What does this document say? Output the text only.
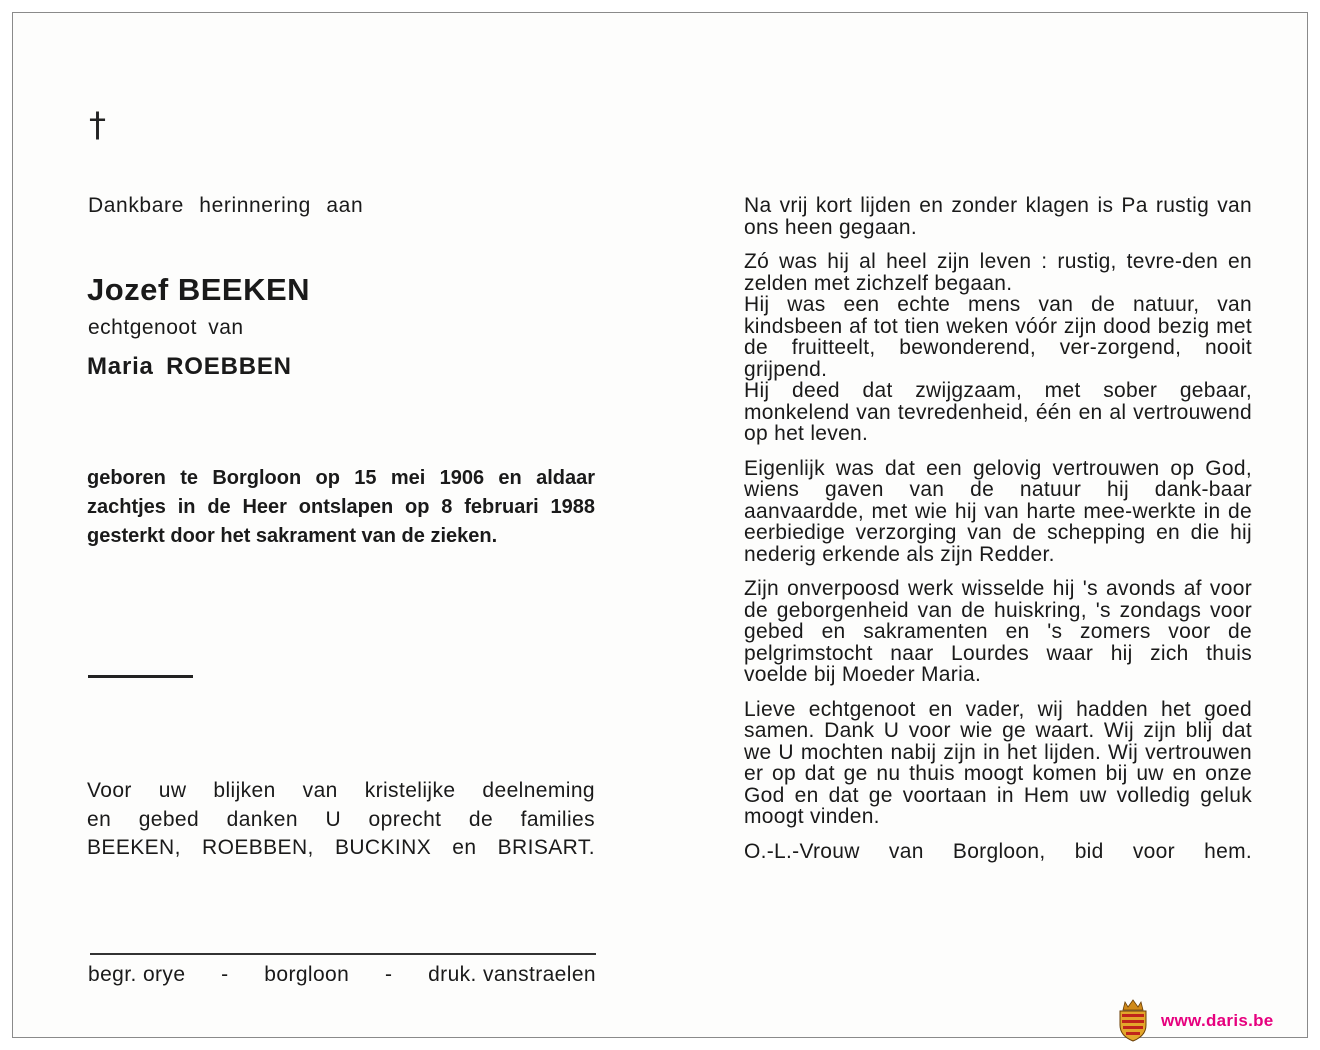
†
Dankbare herinnering aan
Jozef BEEKEN
echtgenoot van
Maria ROEBBEN
geboren te Borgloon op 15 mei 1906 en aldaar zachtjes in de Heer ontslapen op 8 februari 1988 gesterkt door het sakrament van de zieken.
Voor uw blijken van kristelijke deelneming
en gebed danken U oprecht de families
BEEKEN, ROEBBEN, BUCKINX en BRISART.
begr. orye - borgloon - druk. vanstraelen

Na vrij kort lijden en zonder klagen is Pa rustig van ons heen gegaan.

Zó was hij al heel zijn leven : rustig, tevre-den en zelden met zichzelf begaan.

Hij was een echte mens van de natuur, van kindsbeen af tot tien weken vóór zijn dood bezig met de fruitteelt, bewonderend, ver-zorgend, nooit grijpend.

Hij deed dat zwijgzaam, met sober gebaar, monkelend van tevredenheid, één en al vertrouwend op het leven.

Eigenlijk was dat een gelovig vertrouwen op God, wiens gaven van de natuur hij dank-baar aanvaardde, met wie hij van harte mee-werkte in de eerbiedige verzorging van de schepping en die hij nederig erkende als zijn Redder.

Zijn onverpoosd werk wisselde hij 's avonds af voor de geborgenheid van de huiskring, 's zondags voor gebed en sakramenten en 's zomers voor de pelgrimstocht naar Lourdes waar hij zich thuis voelde bij Moeder Maria.

Lieve echtgenoot en vader, wij hadden het goed samen. Dank U voor wie ge waart. Wij zijn blij dat we U mochten nabij zijn in het lijden. Wij vertrouwen er op dat ge nu thuis moogt komen bij uw en onze God en dat ge voortaan in Hem uw volledig geluk moogt vinden.

O.-L.-Vrouw van Borgloon, bid voor hem.
www.daris.be
